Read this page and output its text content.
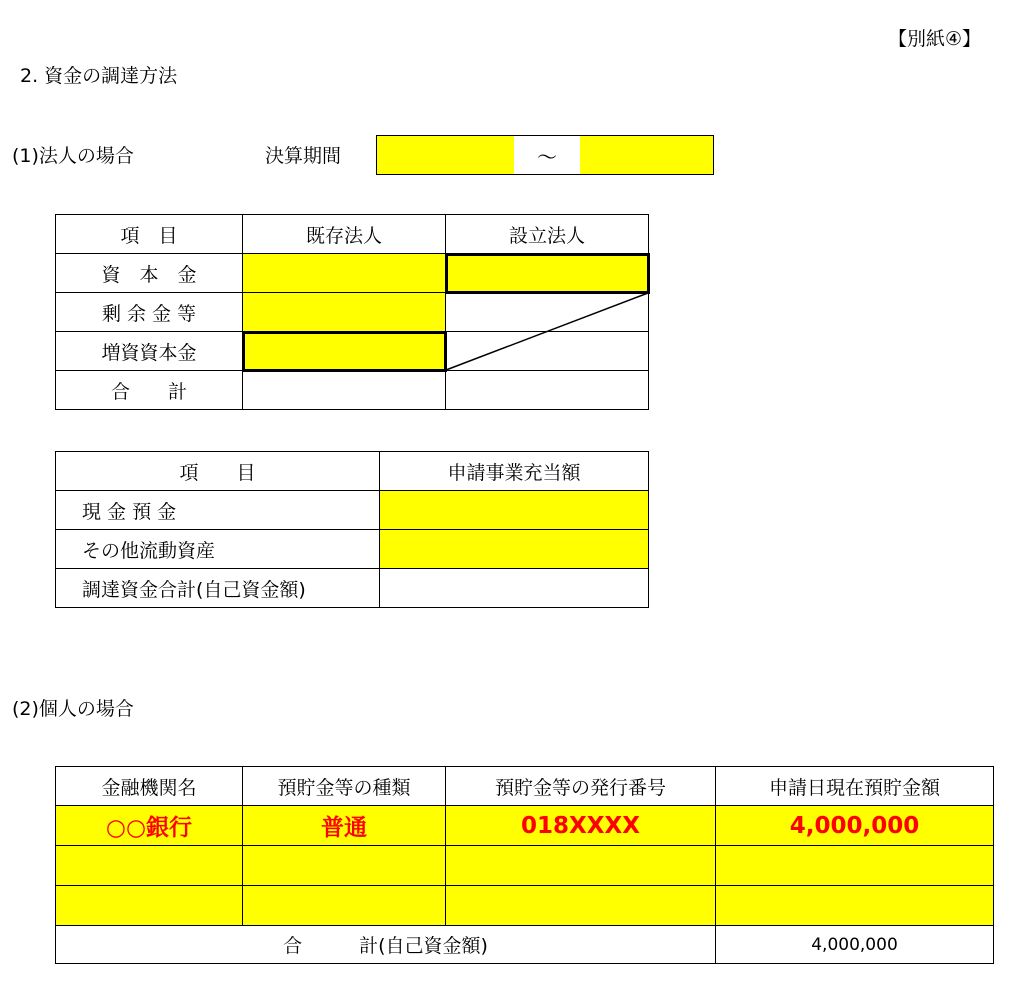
【別紙④】
2. 資金の調達方法
(1)法人の場合	決算期間	～
項　目	既存法人	設立法人
資　本　金		
剰 余 金 等		
増資資本金		
合　　計		
項　　目	申請事業充当額
現 金 預 金	
その他流動資産	
調達資金合計(自己資金額)	
(2)個人の場合
金融機関名	預貯金等の種類	預貯金等の発行番号	申請日現在預貯金額
○○銀行	普通	018XXXX	4,000,000

合　　　計(自己資金額)			4,000,000
